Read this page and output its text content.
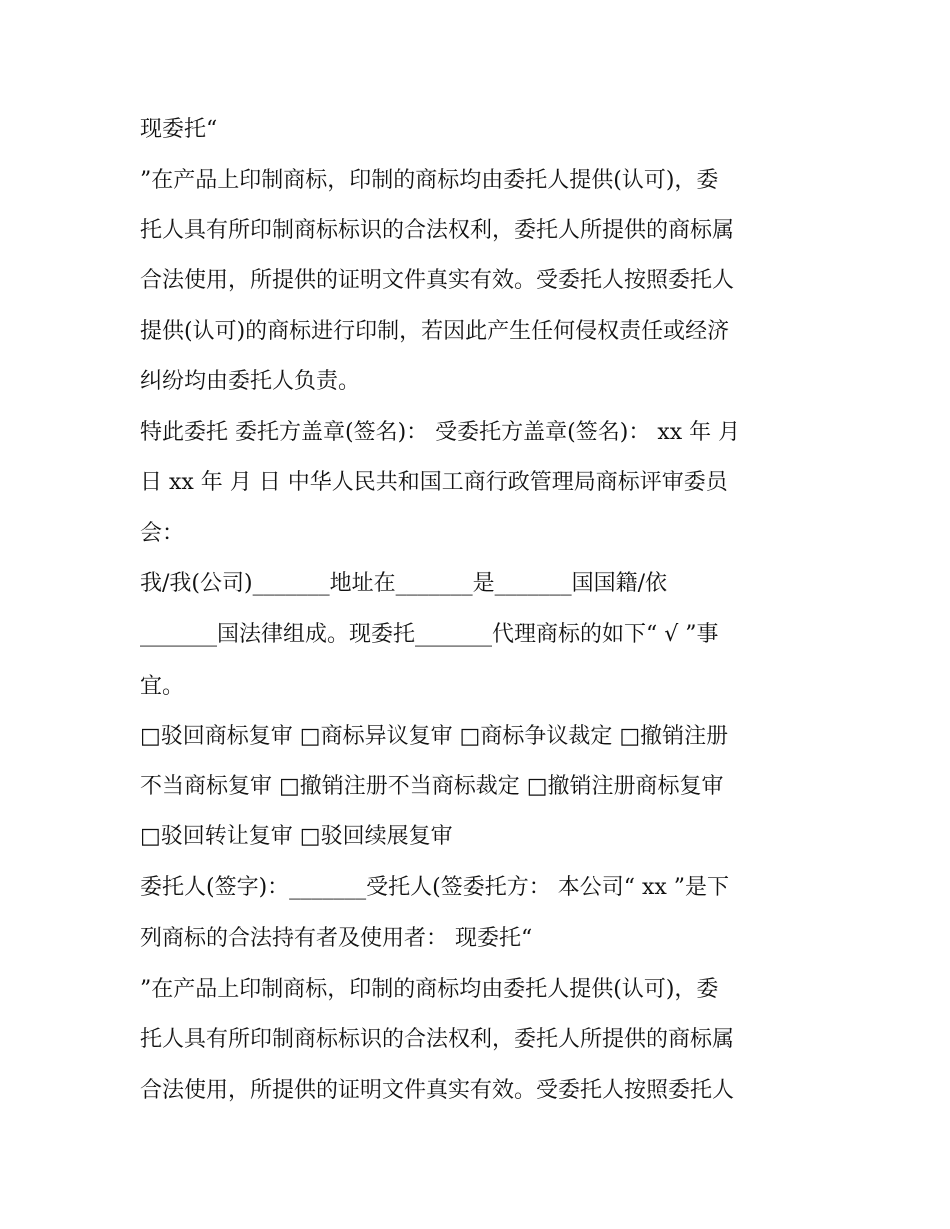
现委托“
”在产品上印制商标，印制的商标均由委托人提供(认可)，委
托人具有所印制商标标识的合法权利，委托人所提供的商标属
合法使用，所提供的证明文件真实有效。受委托人按照委托人
提供(认可)的商标进行印制，若因此产生任何侵权责任或经济
纠纷均由委托人负责。
特此委托 委托方盖章(签名)： 受委托方盖章(签名)： xx 年 月
日 xx 年 月 日 中华人民共和国工商行政管理局商标评审委员
会：
我/我(公司)_______地址在_______是_______国国籍/依
_______国法律组成。现委托_______代理商标的如下“ √ ”事
宜。
□驳回商标复审 □商标异议复审 □商标争议裁定 □撤销注册
不当商标复审 □撤销注册不当商标裁定 □撤销注册商标复审
□驳回转让复审 □驳回续展复审
委托人(签字)：_______受托人(签委托方： 本公司“ xx ”是下
列商标的合法持有者及使用者： 现委托“
”在产品上印制商标，印制的商标均由委托人提供(认可)，委
托人具有所印制商标标识的合法权利，委托人所提供的商标属
合法使用，所提供的证明文件真实有效。受委托人按照委托人
